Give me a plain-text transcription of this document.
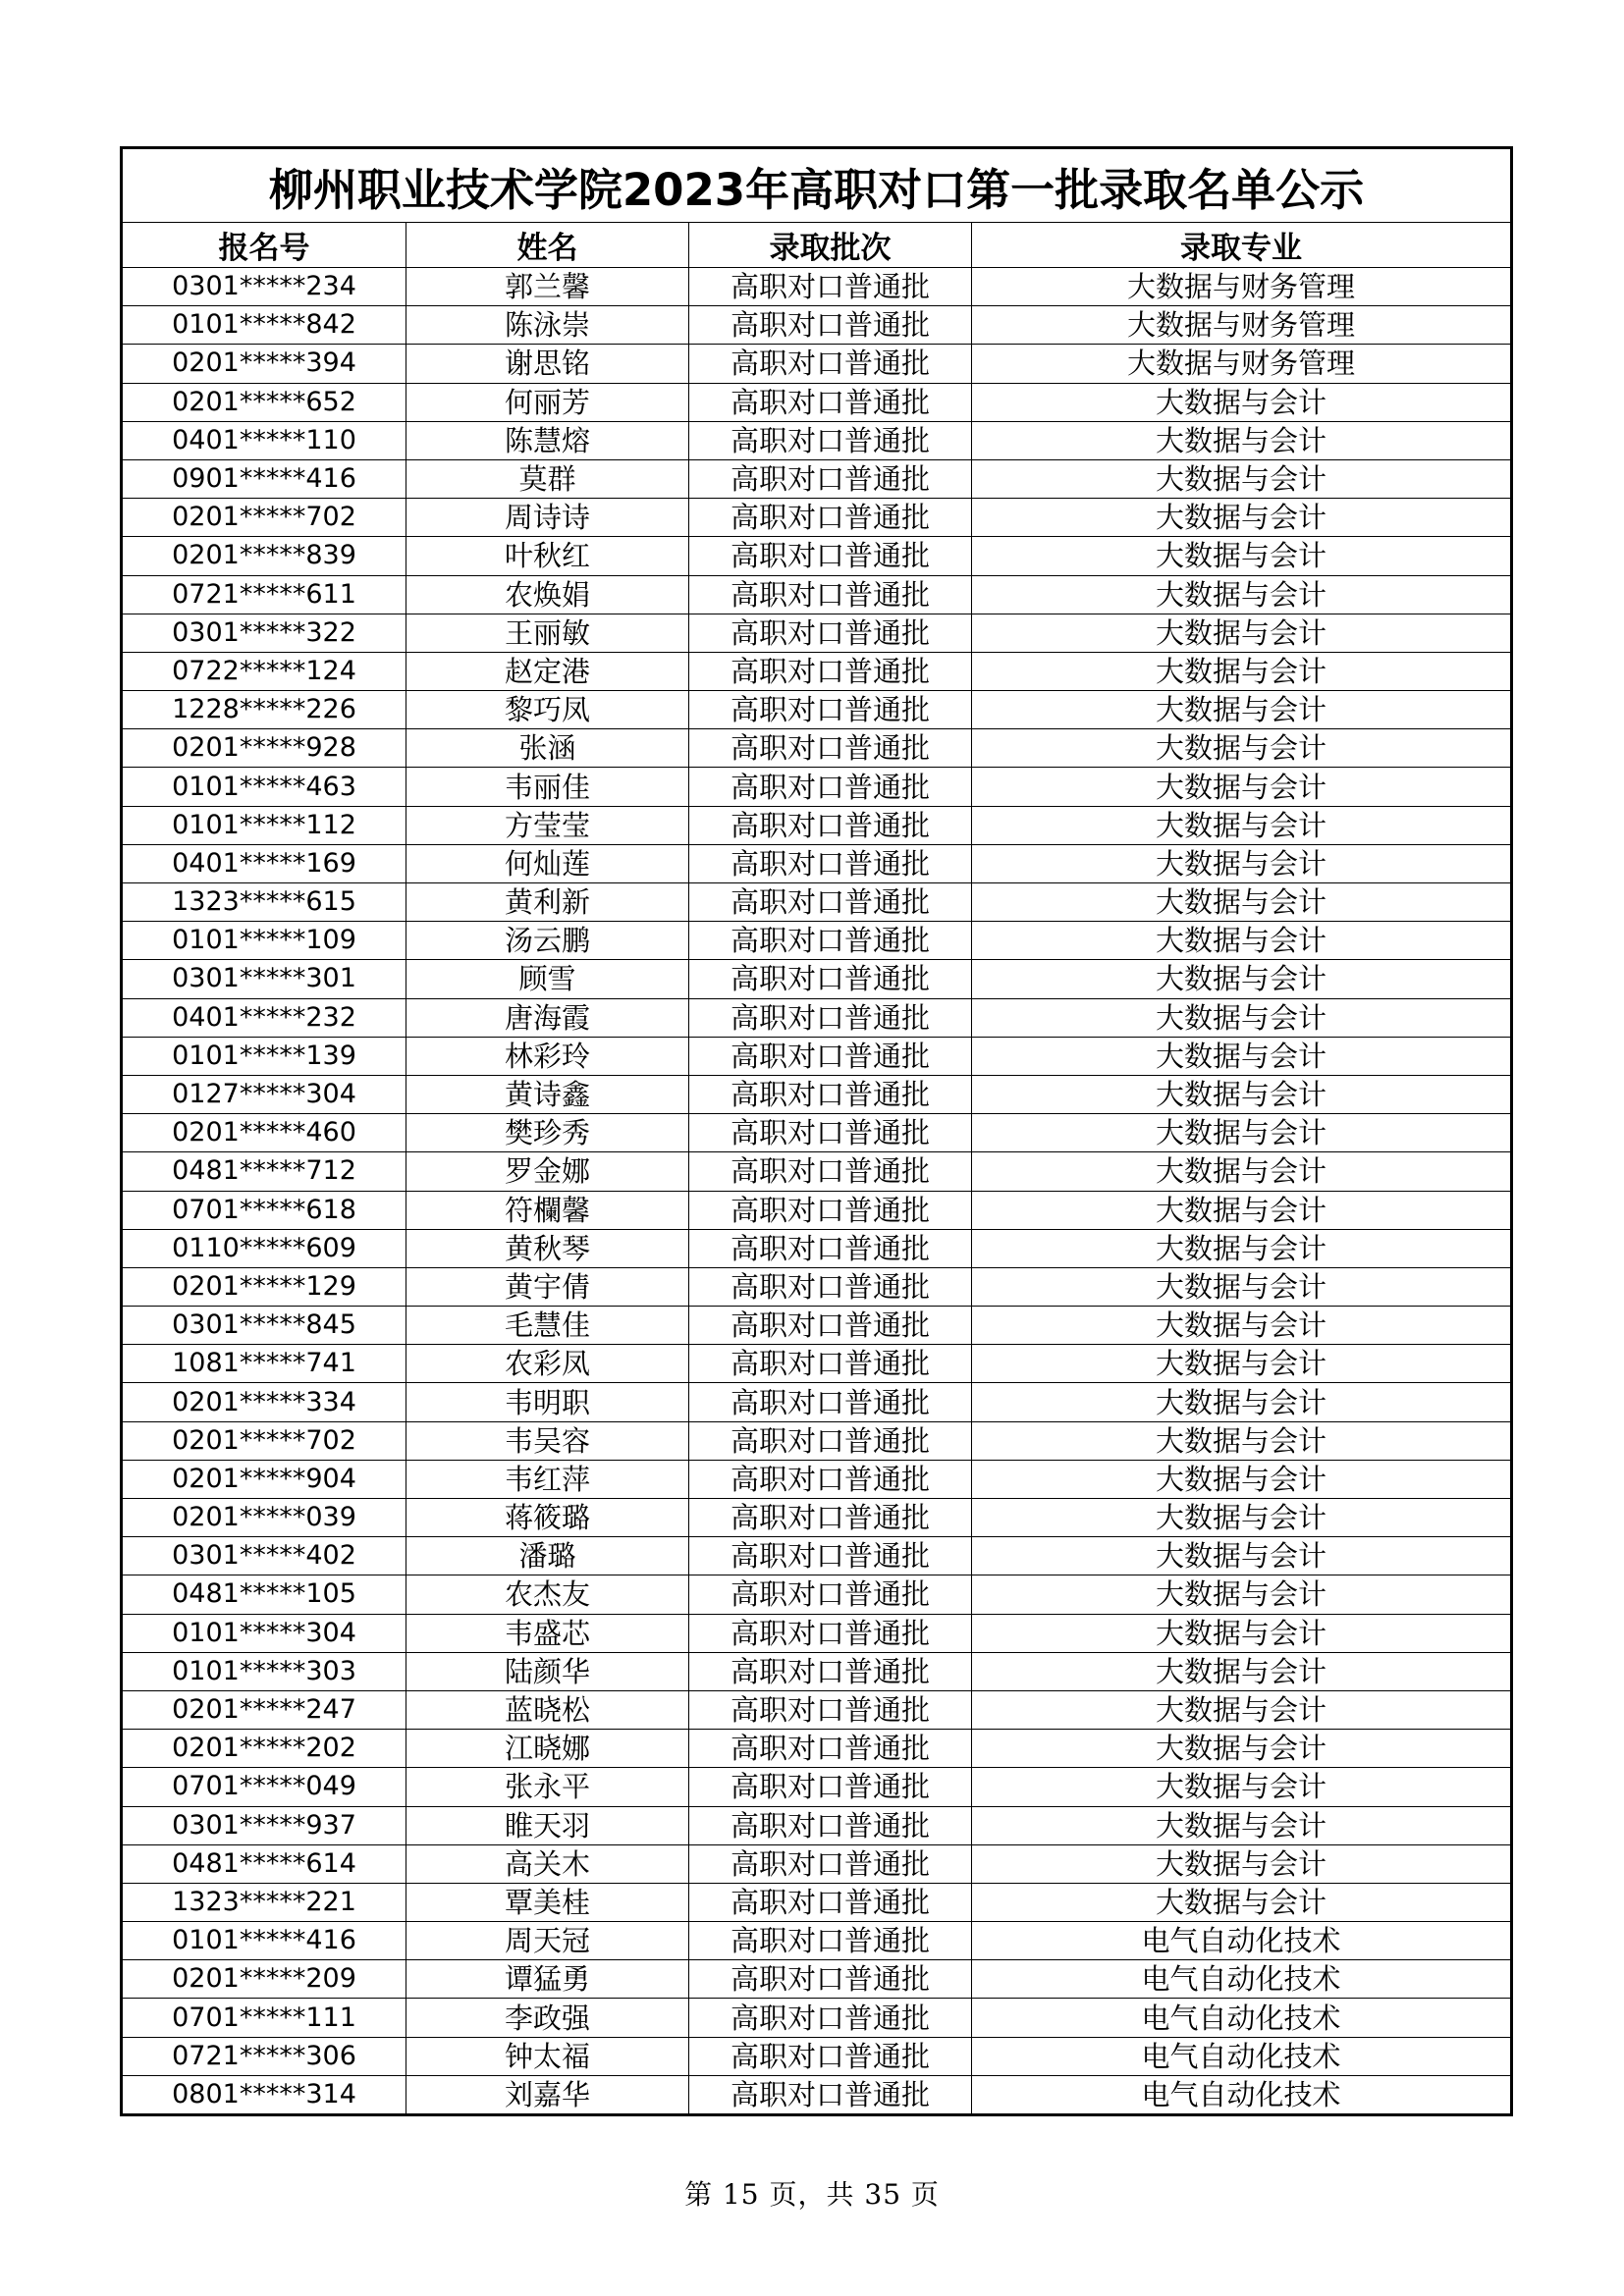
柳州职业技术学院2023年高职对口第一批录取名单公示			
报名号	姓名	录取批次	录取专业
0301*****234	郭兰馨	高职对口普通批	大数据与财务管理
0101*****842	陈泳崇	高职对口普通批	大数据与财务管理
0201*****394	谢思铭	高职对口普通批	大数据与财务管理
0201*****652	何丽芳	高职对口普通批	大数据与会计
0401*****110	陈慧熔	高职对口普通批	大数据与会计
0901*****416	莫群	高职对口普通批	大数据与会计
0201*****702	周诗诗	高职对口普通批	大数据与会计
0201*****839	叶秋红	高职对口普通批	大数据与会计
0721*****611	农焕娟	高职对口普通批	大数据与会计
0301*****322	王丽敏	高职对口普通批	大数据与会计
0722*****124	赵定港	高职对口普通批	大数据与会计
1228*****226	黎巧凤	高职对口普通批	大数据与会计
0201*****928	张涵	高职对口普通批	大数据与会计
0101*****463	韦丽佳	高职对口普通批	大数据与会计
0101*****112	方莹莹	高职对口普通批	大数据与会计
0401*****169	何灿莲	高职对口普通批	大数据与会计
1323*****615	黄利新	高职对口普通批	大数据与会计
0101*****109	汤云鹏	高职对口普通批	大数据与会计
0301*****301	顾雪	高职对口普通批	大数据与会计
0401*****232	唐海霞	高职对口普通批	大数据与会计
0101*****139	林彩玲	高职对口普通批	大数据与会计
0127*****304	黄诗鑫	高职对口普通批	大数据与会计
0201*****460	樊珍秀	高职对口普通批	大数据与会计
0481*****712	罗金娜	高职对口普通批	大数据与会计
0701*****618	符欄馨	高职对口普通批	大数据与会计
0110*****609	黄秋琴	高职对口普通批	大数据与会计
0201*****129	黄宇倩	高职对口普通批	大数据与会计
0301*****845	毛慧佳	高职对口普通批	大数据与会计
1081*****741	农彩凤	高职对口普通批	大数据与会计
0201*****334	韦明职	高职对口普通批	大数据与会计
0201*****702	韦吴容	高职对口普通批	大数据与会计
0201*****904	韦红萍	高职对口普通批	大数据与会计
0201*****039	蒋筱璐	高职对口普通批	大数据与会计
0301*****402	潘璐	高职对口普通批	大数据与会计
0481*****105	农杰友	高职对口普通批	大数据与会计
0101*****304	韦盛芯	高职对口普通批	大数据与会计
0101*****303	陆颜华	高职对口普通批	大数据与会计
0201*****247	蓝晓松	高职对口普通批	大数据与会计
0201*****202	江晓娜	高职对口普通批	大数据与会计
0701*****049	张永平	高职对口普通批	大数据与会计
0301*****937	睢天羽	高职对口普通批	大数据与会计
0481*****614	高关木	高职对口普通批	大数据与会计
1323*****221	覃美桂	高职对口普通批	大数据与会计
0101*****416	周天冠	高职对口普通批	电气自动化技术
0201*****209	谭猛勇	高职对口普通批	电气自动化技术
0701*****111	李政强	高职对口普通批	电气自动化技术
0721*****306	钟太福	高职对口普通批	电气自动化技术
0801*****314	刘嘉华	高职对口普通批	电气自动化技术
第 15 页，共 35 页
